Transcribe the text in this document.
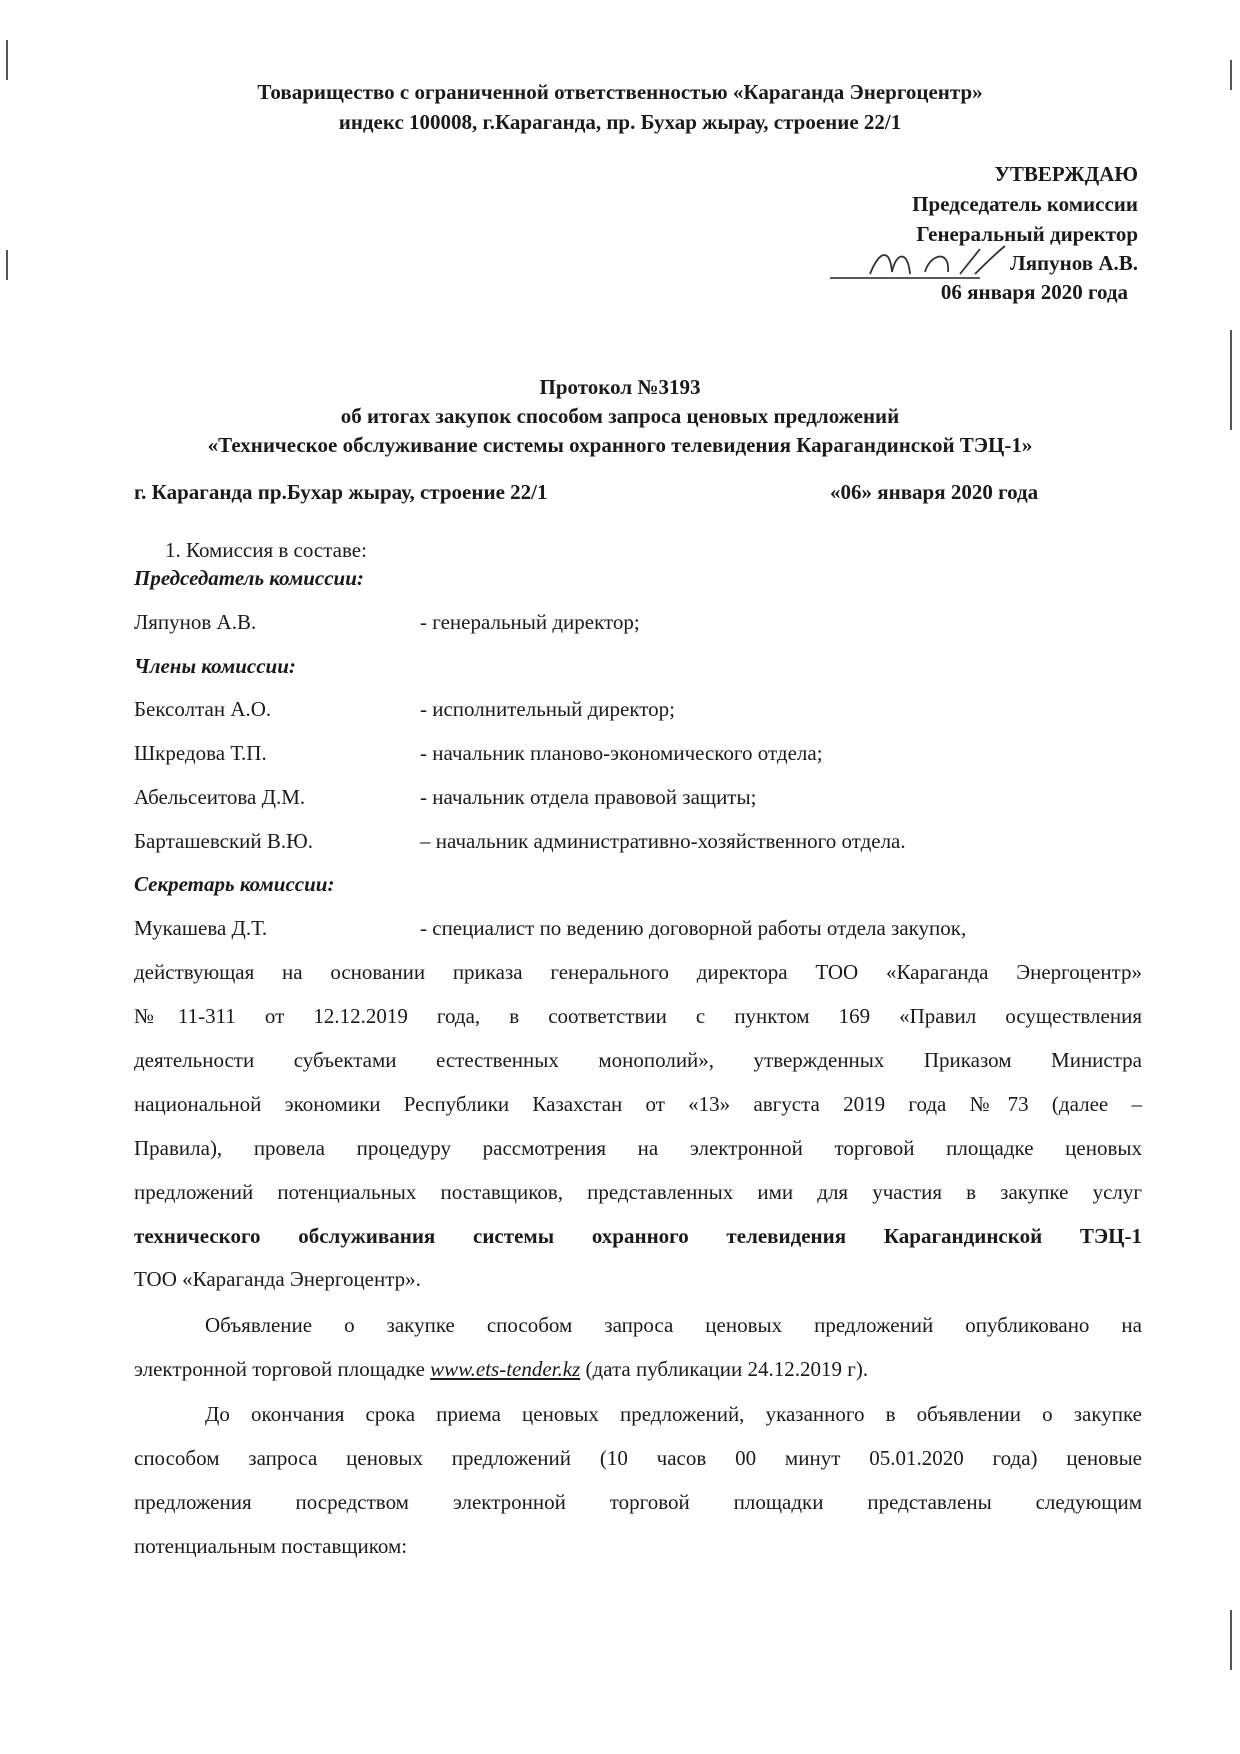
Товарищество с ограниченной ответственностью «Караганда Энергоцентр»
индекс 100008, г.Караганда, пр. Бухар жырау, строение 22/1
УТВЕРЖДАЮ
Председатель комиссии
Генеральный директор
Ляпунов А.В.
06 января 2020 года
Протокол №3193
об итогах закупок способом запроса ценовых предложений
«Техническое обслуживание системы охранного телевидения Карагандинской ТЭЦ-1»
г. Караганда пр.Бухар жырау, строение 22/1	«06» января 2020 года
1. Комиссия в составе:
Председатель комиссии:
Ляпунов А.В.	- генеральный директор;
Члены комиссии:
Бексолтан А.О.	- исполнительный директор;
Шкредова Т.П.	- начальник планово-экономического отдела;
Абельсеитова Д.М.	- начальник отдела правовой защиты;
Барташевский В.Ю.	– начальник административно-хозяйственного отдела.
Секретарь комиссии:
Мукашева Д.Т.	- специалист по ведению договорной работы отдела закупок,
действующая на основании приказа генерального директора ТОО «Караганда Энергоцентр»
№11-311 от 12.12.2019 года, в соответствии с пунктом 169 «Правил осуществления
деятельности субъектами естественных монополий», утвержденных Приказом Министра
национальной экономики Республики Казахстан от «13» августа 2019 года №73 (далее –
Правила), провела процедуру рассмотрения на электронной торговой площадке ценовых
предложений потенциальных поставщиков, представленных ими для участия в закупке услуг
технического обслуживания системы охранного телевидения Карагандинской ТЭЦ-1
ТОО «Караганда Энергоцентр».
Объявление о закупке способом запроса ценовых предложений опубликовано на
электронной торговой площадке www.ets-tender.kz (дата публикации 24.12.2019 г).
До окончания срока приема ценовых предложений, указанного в объявлении о закупке
способом запроса ценовых предложений (10 часов 00 минут 05.01.2020 года) ценовые
предложения посредством электронной торговой площадки представлены следующим
потенциальным поставщиком:
